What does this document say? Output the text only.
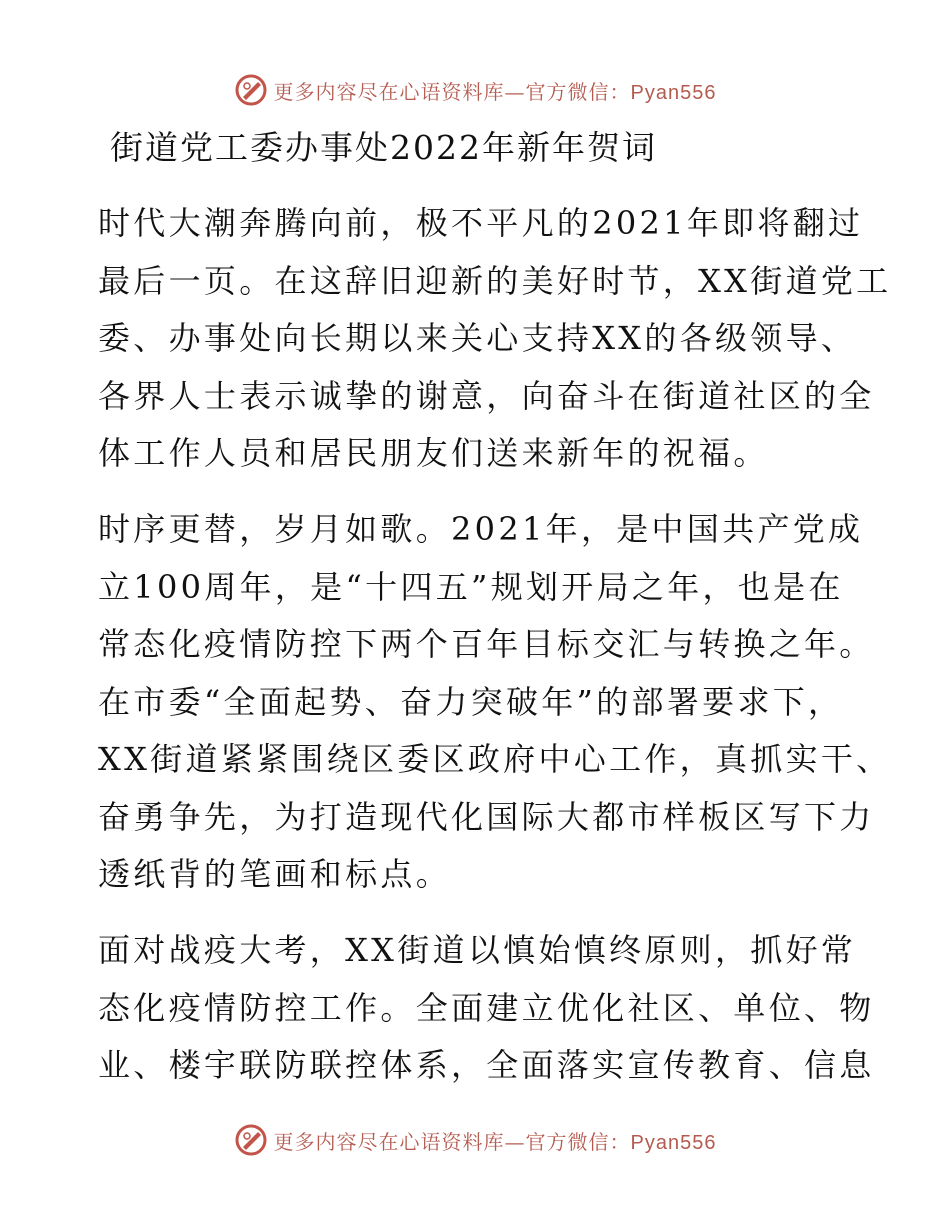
更多内容尽在心语资料库—官方微信：Pyan556
街道党工委办事处2022年新年贺词

时代大潮奔腾向前，极不平凡的2021年即将翻过
最后一页。在这辞旧迎新的美好时节，XX街道党工
委、办事处向长期以来关心支持XX的各级领导、
各界人士表示诚挚的谢意，向奋斗在街道社区的全
体工作人员和居民朋友们送来新年的祝福。

时序更替，岁月如歌。2021年，是中国共产党成
立100周年，是“十四五”规划开局之年，也是在
常态化疫情防控下两个百年目标交汇与转换之年。
在市委“全面起势、奋力突破年”的部署要求下，
XX街道紧紧围绕区委区政府中心工作，真抓实干、
奋勇争先，为打造现代化国际大都市样板区写下力
透纸背的笔画和标点。

面对战疫大考，XX街道以慎始慎终原则，抓好常
态化疫情防控工作。全面建立优化社区、单位、物
业、楼宇联防联控体系，全面落实宣传教育、信息

更多内容尽在心语资料库—官方微信：Pyan556
